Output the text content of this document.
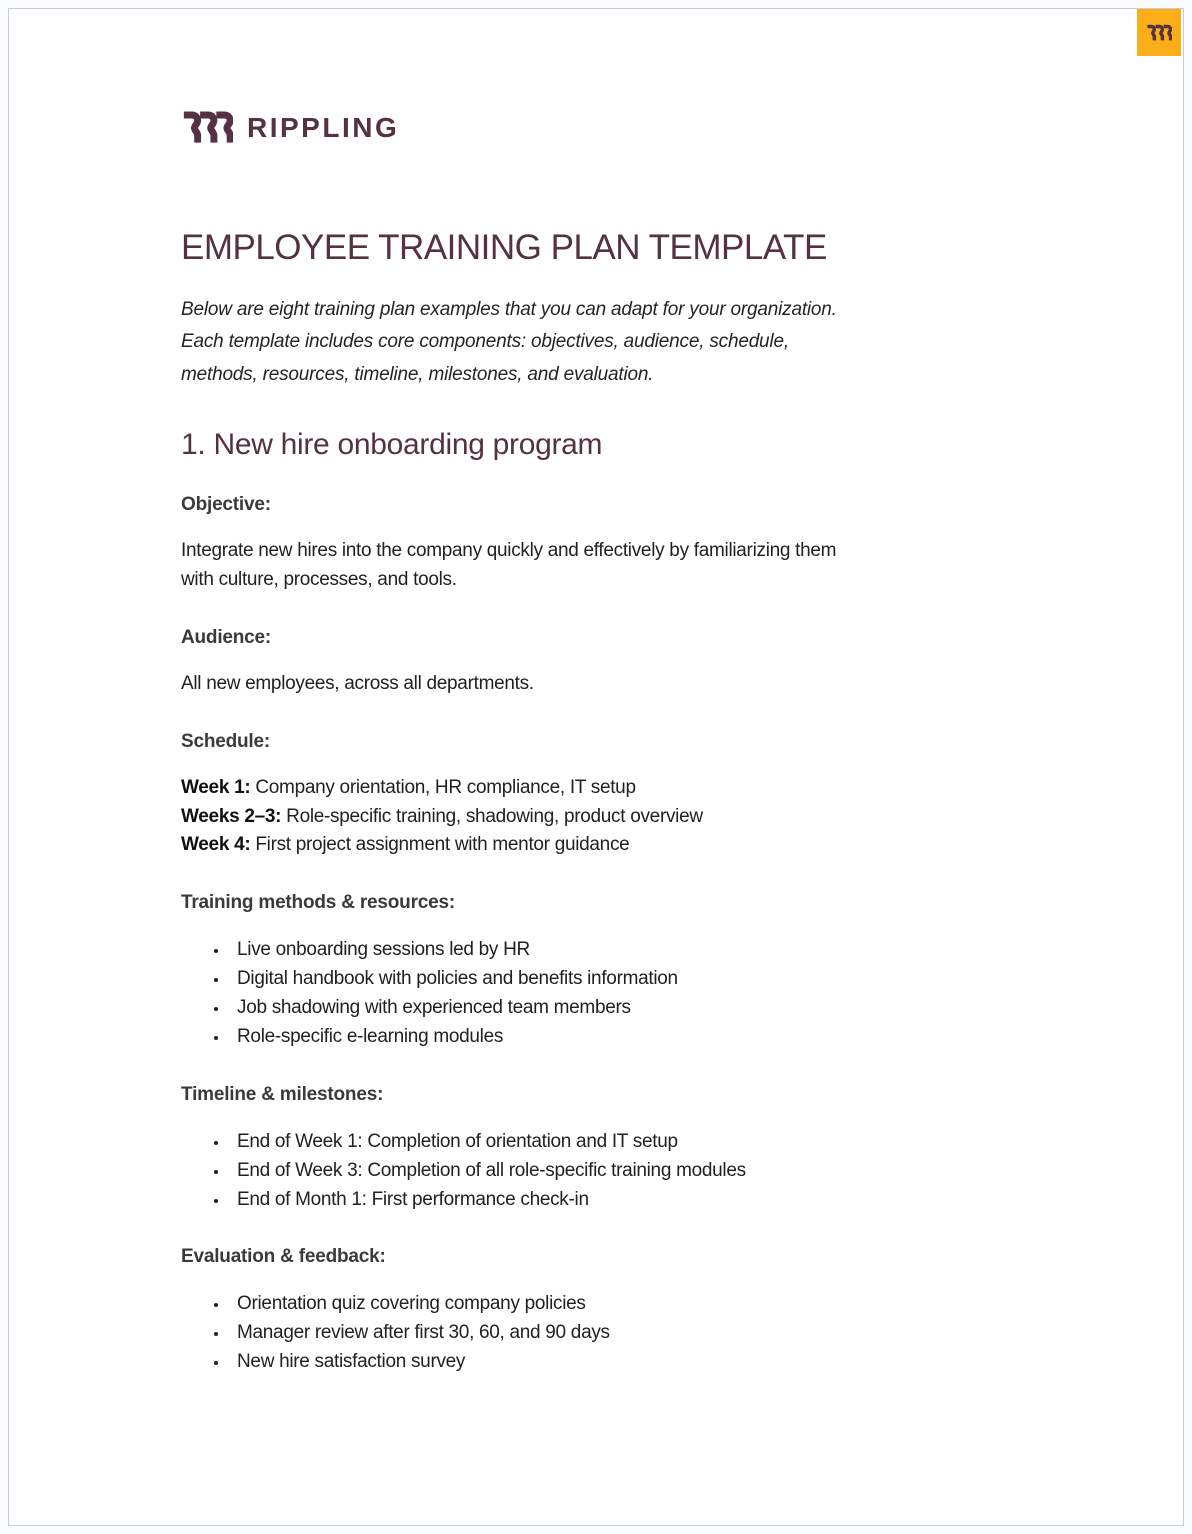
RIPPLING
EMPLOYEE TRAINING PLAN TEMPLATE

Below are eight training plan examples that you can adapt for your organization. Each template includes core components: objectives, audience, schedule, methods, resources, timeline, milestones, and evaluation.

1. New hire onboarding program
Objective:

Integrate new hires into the company quickly and effectively by familiarizing them with culture, processes, and tools.

Audience:

All new employees, across all departments.

Schedule:

Week 1: Company orientation, HR compliance, IT setup
Weeks 2–3: Role-specific training, shadowing, product overview
Week 4: First project assignment with mentor guidance

Training methods & resources:
• Live onboarding sessions led by HR
• Digital handbook with policies and benefits information
• Job shadowing with experienced team members
• Role-specific e-learning modules
Timeline & milestones:
• End of Week 1: Completion of orientation and IT setup
• End of Week 3: Completion of all role-specific training modules
• End of Month 1: First performance check-in
Evaluation & feedback:
• Orientation quiz covering company policies
• Manager review after first 30, 60, and 90 days
• New hire satisfaction survey
